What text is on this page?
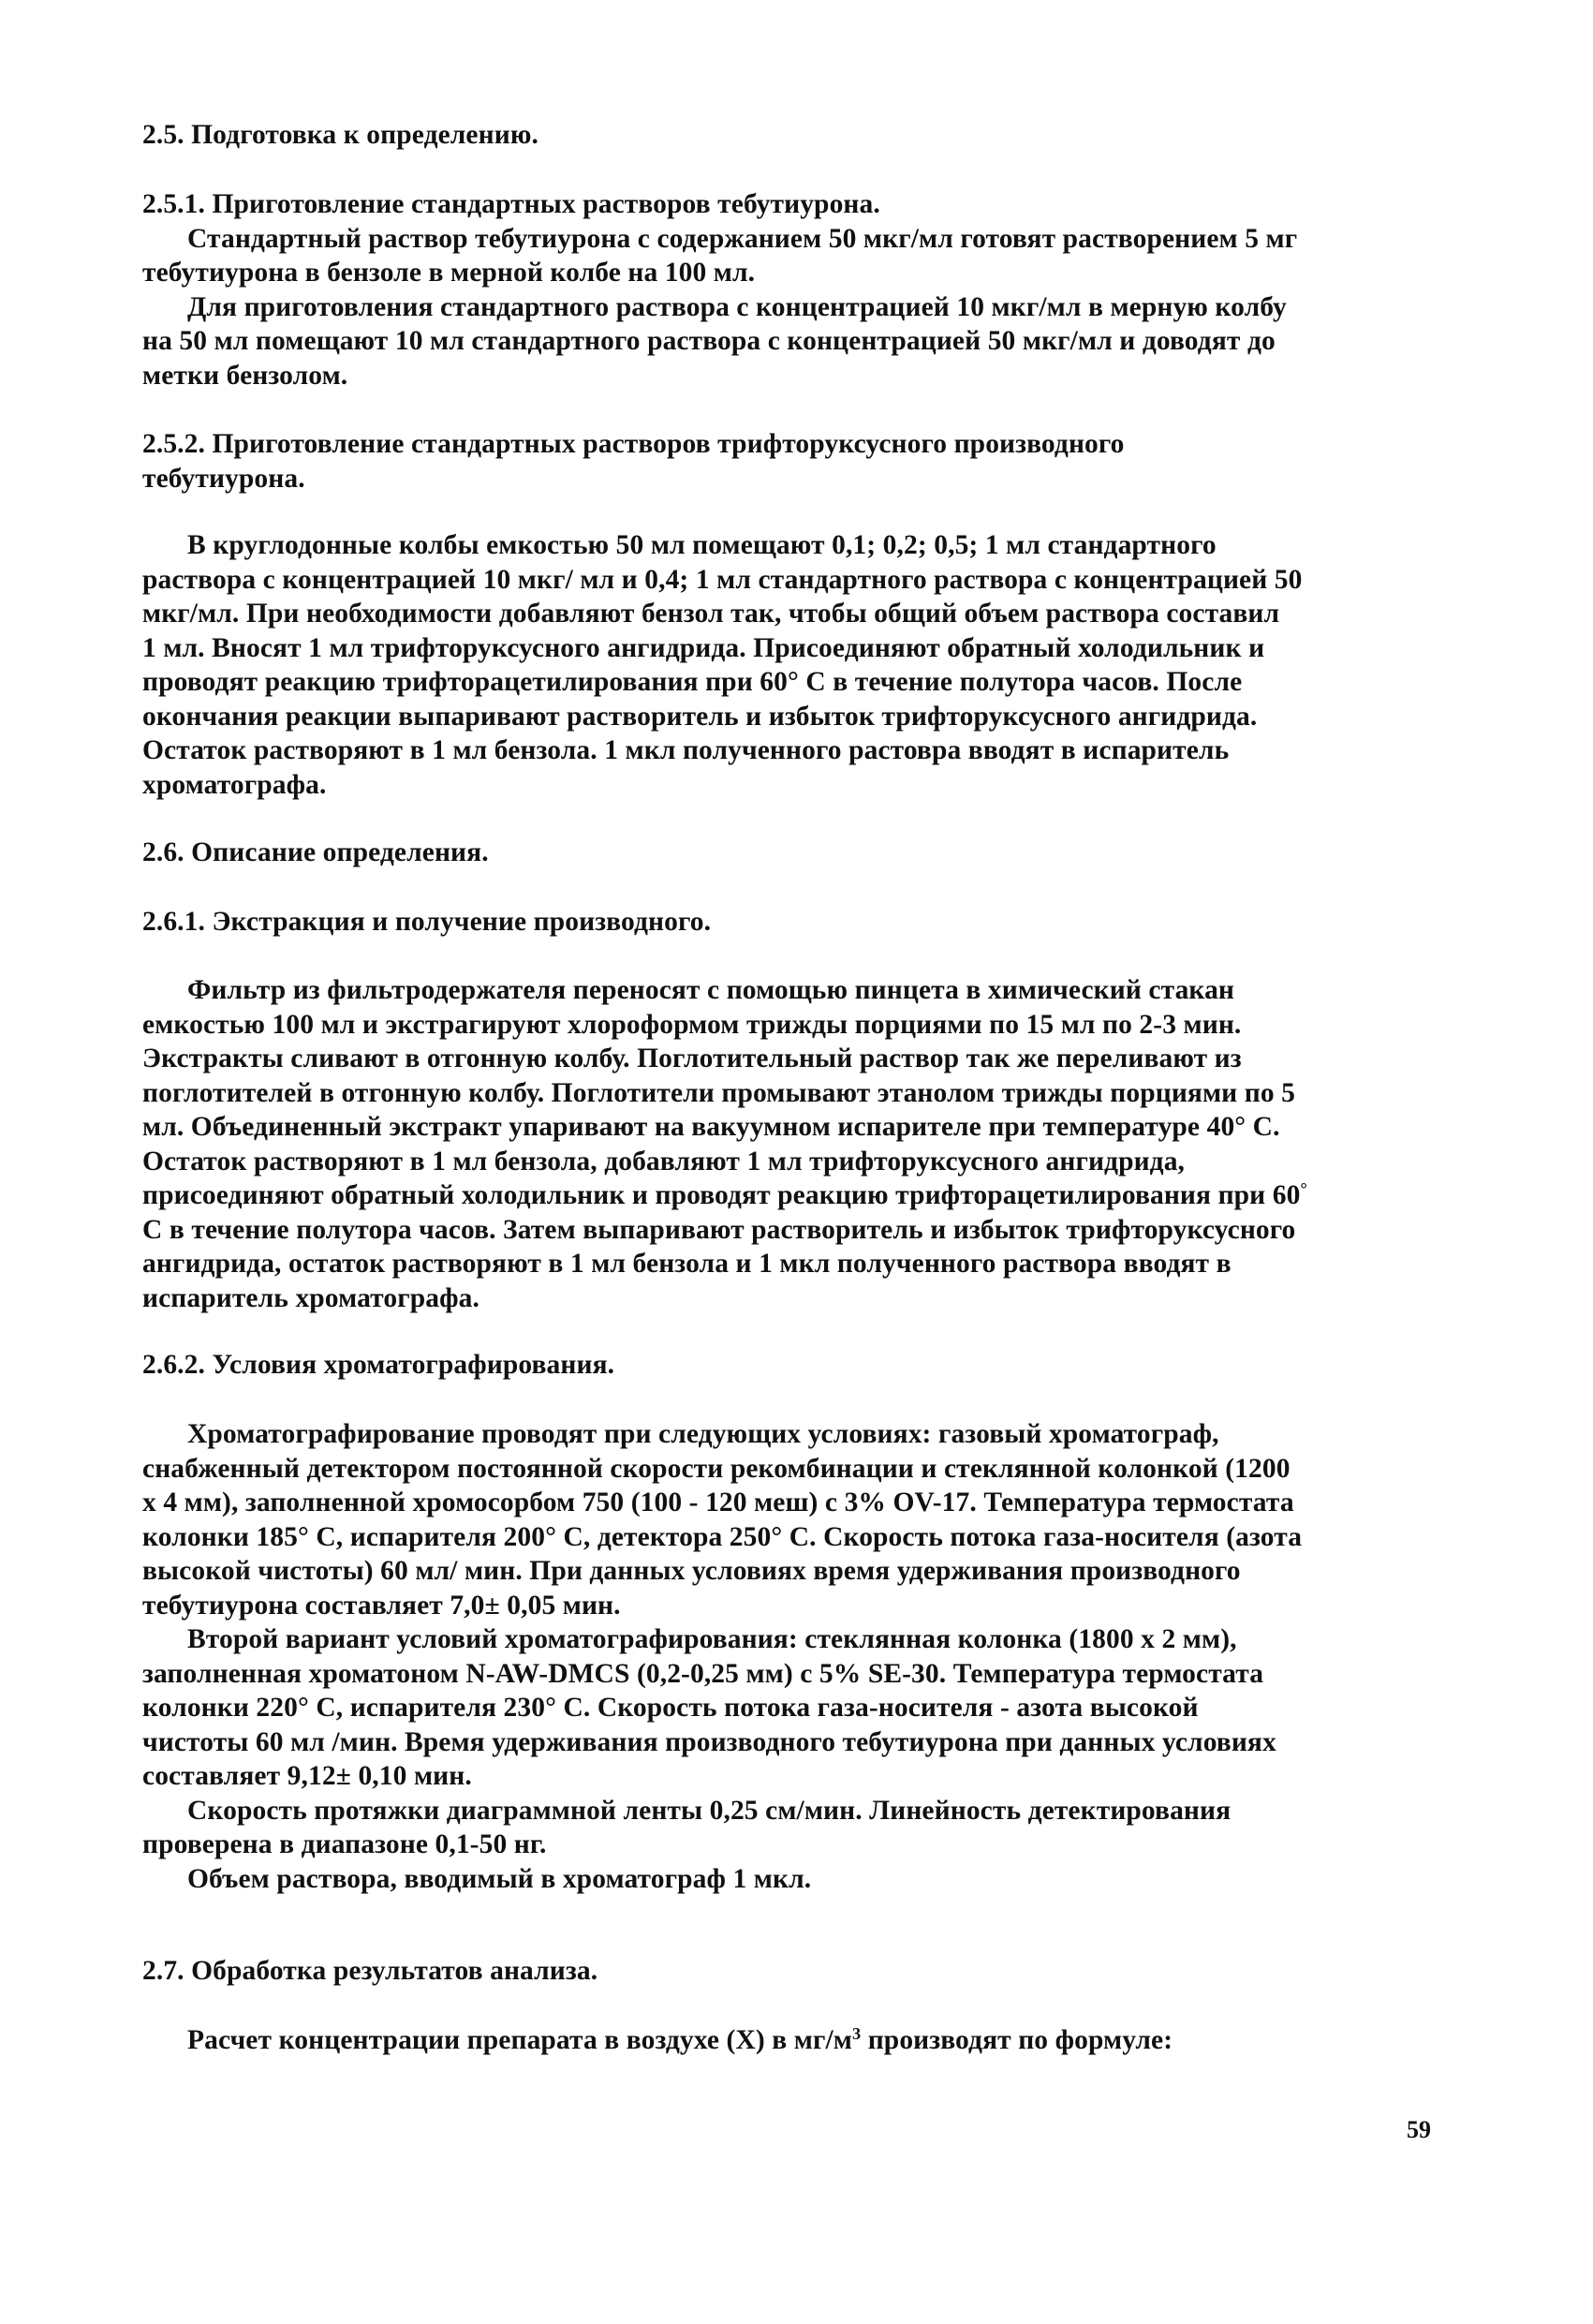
2.5. Подготовка к определению.

2.5.1. Приготовление стандартных растворов тебутиурона.

Стандартный раствор тебутиурона с содержанием 50 мкг/мл готовят растворением 5 мг

тебутиурона в бензоле в мерной колбе на 100 мл.

Для приготовления стандартного раствора с концентрацией 10 мкг/мл в мерную колбу

на 50 мл помещают 10 мл стандартного раствора с концентрацией 50 мкг/мл и доводят до

метки бензолом.

2.5.2. Приготовление стандартных растворов трифторуксусного производного

тебутиурона.

В круглодонные колбы емкостью 50 мл помещают 0,1; 0,2; 0,5; 1 мл стандартного

раствора с концентрацией 10 мкг/ мл и 0,4; 1 мл стандартного раствора с концентрацией 50

мкг/мл. При необходимости добавляют бензол так, чтобы общий объем раствора составил

1 мл. Вносят 1 мл трифторуксусного ангидрида. Присоединяют обратный холодильник и

проводят реакцию трифторацетилирования при 60° С в течение полутора часов. После

окончания реакции выпаривают растворитель и избыток трифторуксусного ангидрида.

Остаток растворяют в 1 мл бензола. 1 мкл полученного растовра вводят в испаритель

хроматографа.

2.6. Описание определения.

2.6.1. Экстракция и получение производного.

Фильтр из фильтродержателя переносят с помощью пинцета в химический стакан

емкостью 100 мл и экстрагируют хлороформом трижды порциями по 15 мл по 2-3 мин.

Экстракты сливают в отгонную колбу. Поглотительный раствор так же переливают из

поглотителей в отгонную колбу. Поглотители промывают этанолом трижды порциями по 5

мл. Объединенный экстракт упаривают на вакуумном испарителе при температуре 40° С.

Остаток растворяют в 1 мл бензола, добавляют 1 мл трифторуксусного ангидрида,

присоединяют обратный холодильник и проводят реакцию трифторацетилирования при 60°

С в течение полутора часов. Затем выпаривают растворитель и избыток трифторуксусного

ангидрида, остаток растворяют в 1 мл бензола и 1 мкл полученного раствора вводят в

испаритель хроматографа.

2.6.2. Условия хроматографирования.

Хроматографирование проводят при следующих условиях: газовый хроматограф,

снабженный детектором постоянной скорости рекомбинации и стеклянной колонкой (1200

х 4 мм), заполненной хромосорбом 750 (100 - 120 меш) с 3% OV-17. Температура термостата

колонки 185° С, испарителя 200° С, детектора 250° С. Скорость потока газа-носителя (азота

высокой чистоты) 60 мл/ мин. При данных условиях время удерживания производного

тебутиурона составляет 7,0± 0,05 мин.

Второй вариант условий хроматографирования: стеклянная колонка (1800 х 2 мм),

заполненная хроматоном N-AW-DMCS (0,2-0,25 мм) с 5% SE-30. Температура термостата

колонки 220° С, испарителя 230° С. Скорость потока газа-носителя - азота высокой

чистоты 60 мл /мин. Время удерживания производного тебутиурона при данных условиях

составляет 9,12± 0,10 мин.

Скорость протяжки диаграммной ленты 0,25 см/мин. Линейность детектирования

проверена в диапазоне 0,1-50 нг.

Объем раствора, вводимый в хроматограф 1 мкл.

2.7. Обработка результатов анализа.

Расчет концентрации препарата в воздухе (X) в $мг/м^3$ производят по формуле:

59
